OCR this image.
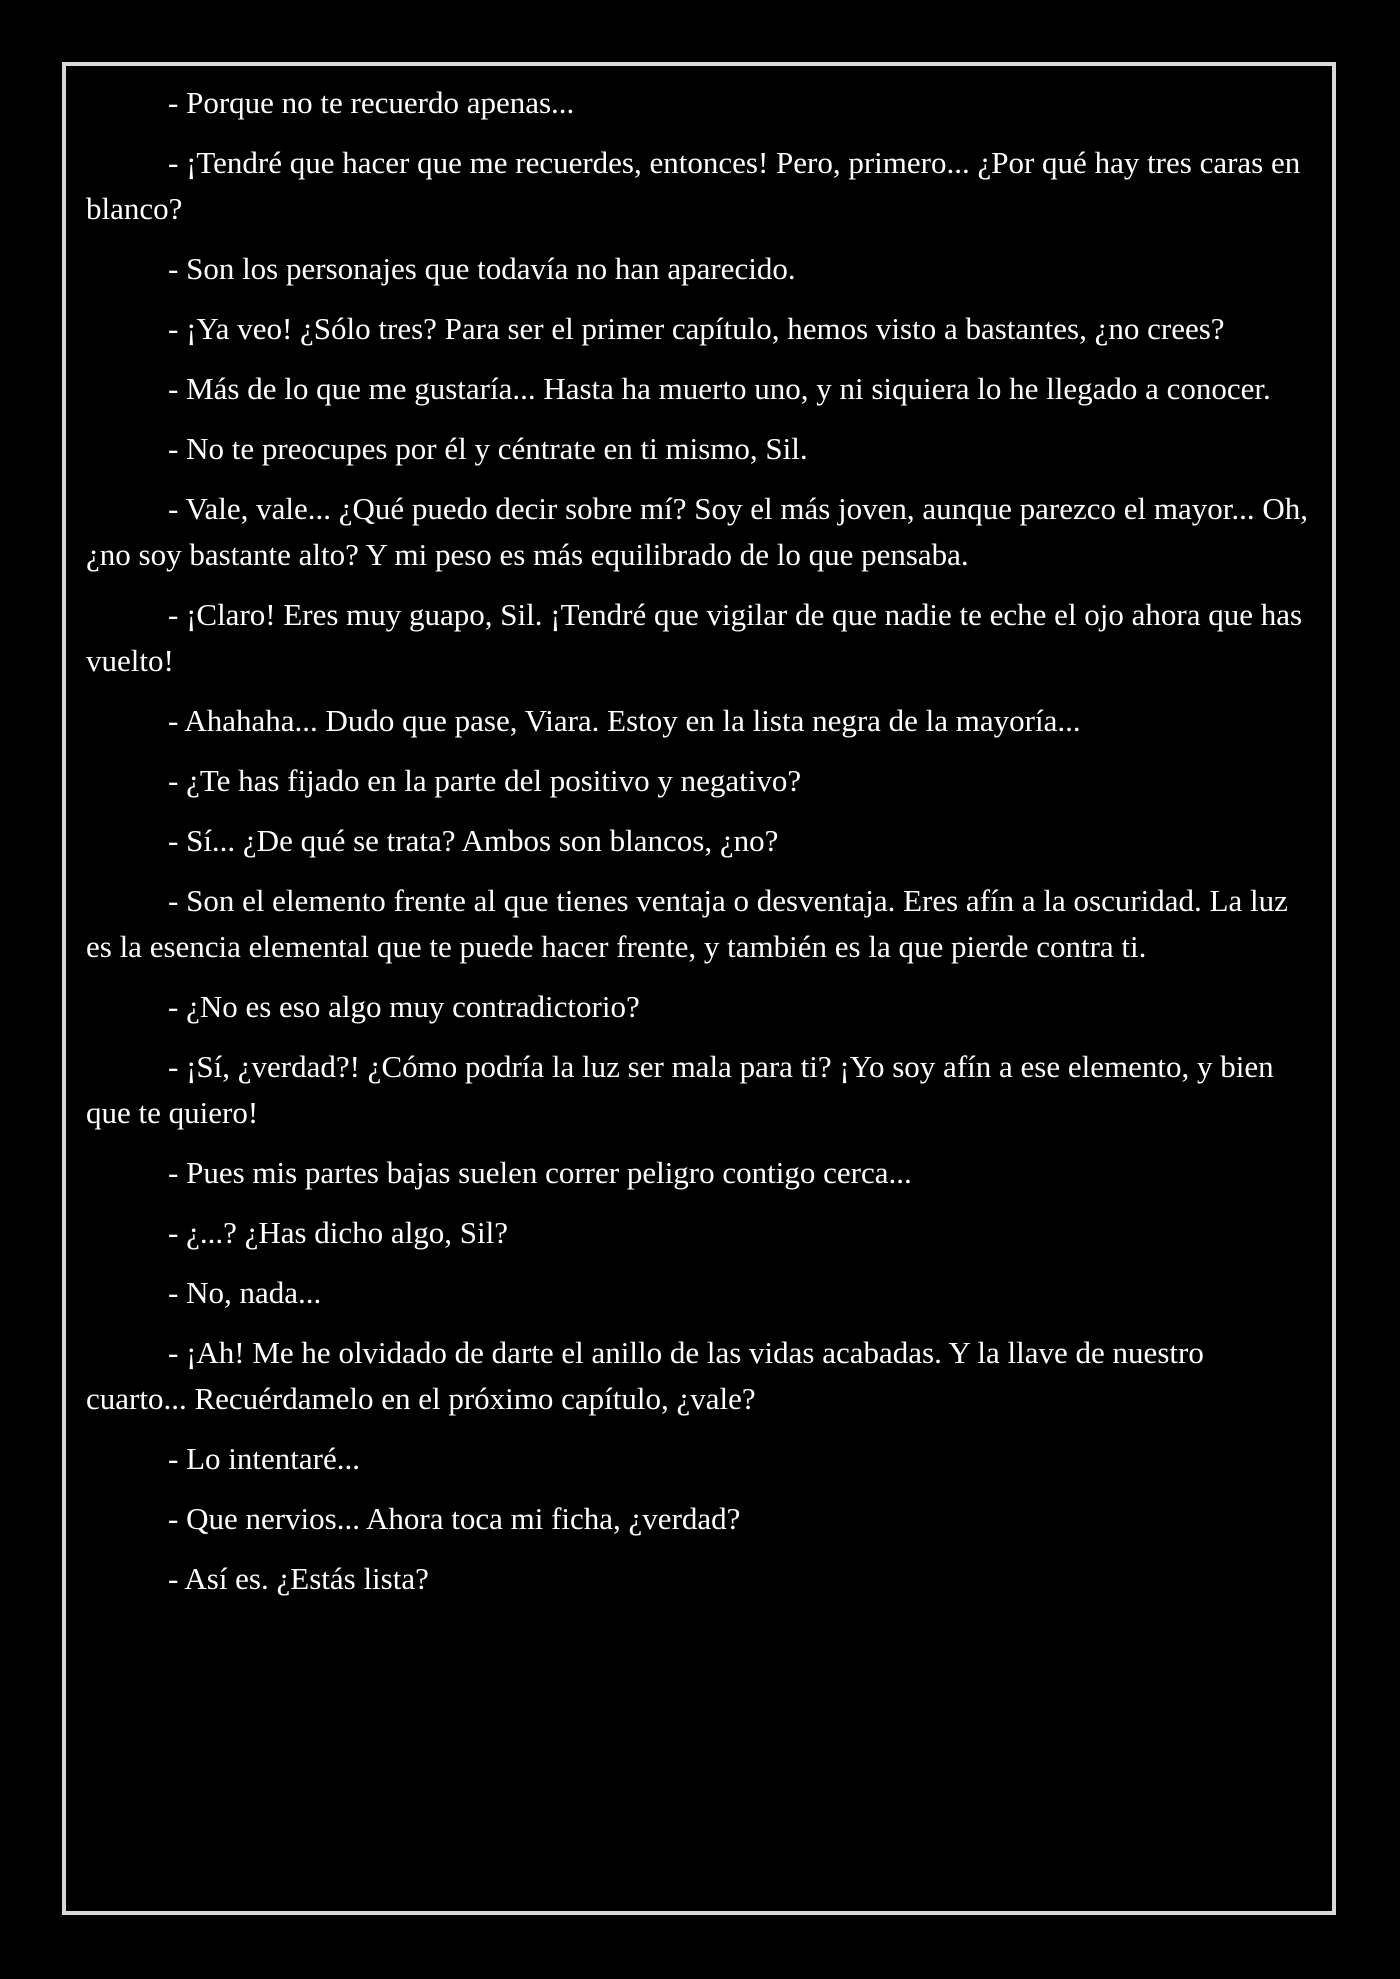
- Porque no te recuerdo apenas...

- ¡Tendré que hacer que me recuerdes, entonces! Pero, primero... ¿Por qué hay tres caras en blanco?

- Son los personajes que todavía no han aparecido.

- ¡Ya veo! ¿Sólo tres? Para ser el primer capítulo, hemos visto a bastantes, ¿no crees?

- Más de lo que me gustaría... Hasta ha muerto uno, y ni siquiera lo he llegado a conocer.

- No te preocupes por él y céntrate en ti mismo, Sil.

- Vale, vale... ¿Qué puedo decir sobre mí? Soy el más joven, aunque parezco el mayor... Oh, ¿no soy bastante alto? Y mi peso es más equilibrado de lo que pensaba.

- ¡Claro! Eres muy guapo, Sil. ¡Tendré que vigilar de que nadie te eche el ojo ahora que has vuelto!

- Ahahaha... Dudo que pase, Viara. Estoy en la lista negra de la mayoría...

- ¿Te has fijado en la parte del positivo y negativo?

- Sí... ¿De qué se trata? Ambos son blancos, ¿no?

- Son el elemento frente al que tienes ventaja o desventaja. Eres afín a la oscuridad. La luz es la esencia elemental que te puede hacer frente, y también es la que pierde contra ti.

- ¿No es eso algo muy contradictorio?

- ¡Sí, ¿verdad?! ¿Cómo podría la luz ser mala para ti? ¡Yo soy afín a ese elemento, y bien que te quiero!

- Pues mis partes bajas suelen correr peligro contigo cerca...

- ¿...? ¿Has dicho algo, Sil?

- No, nada...

- ¡Ah! Me he olvidado de darte el anillo de las vidas acabadas. Y la llave de nuestro cuarto... Recuérdamelo en el próximo capítulo, ¿vale?

- Lo intentaré...

- Que nervios... Ahora toca mi ficha, ¿verdad?

- Así es. ¿Estás lista?
